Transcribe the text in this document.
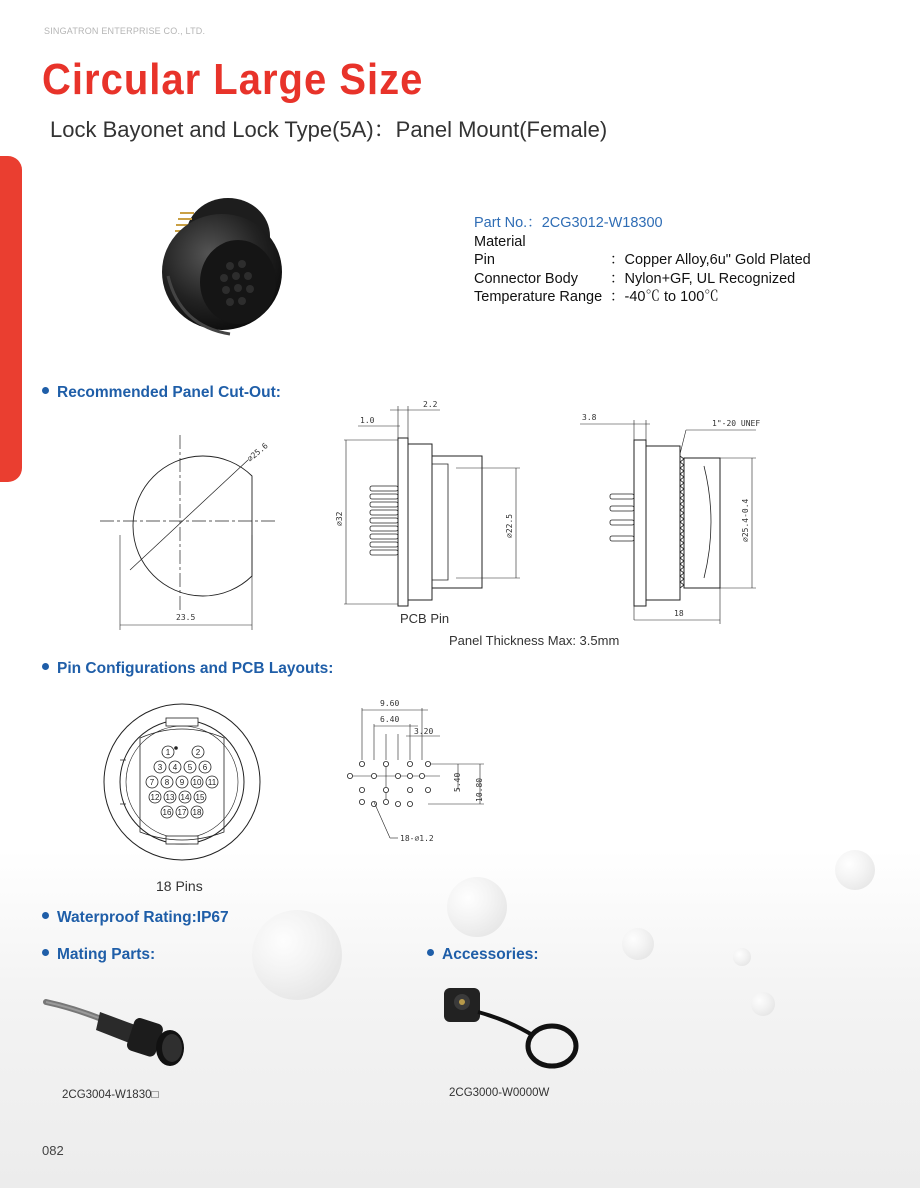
SINGATRON ENTERPRISE CO., LTD.
Circular Large Size
Lock Bayonet and Lock Type(5A)：Panel Mount(Female)
Part No.：2CG3012-W18300
Material
Pin	：Copper Alloy,6u" Gold Plated
Connector Body	：Nylon+GF, UL Recognized
Temperature Range ：-40℃ to 100℃
Recommended Panel Cut-Out:
∅25.6
23.5
1.0
2.2
∅32	∅22.5
PCB Pin
3.8
1"-20 UNEF
∅25.4-0.4
18
Panel Thickness Max: 3.5mm
Pin Configurations and PCB Layouts:
1	2
3 4 5 6
7 8 9 10 11
12 13 14 15
16 17 18
18 Pins
9.60
6.40
3.20
5.40 10.80
18-∅1.2
Waterproof Rating:IP67
Mating Parts:	Accessories:
2CG3004-W1830□	2CG3000-W0000W
082
